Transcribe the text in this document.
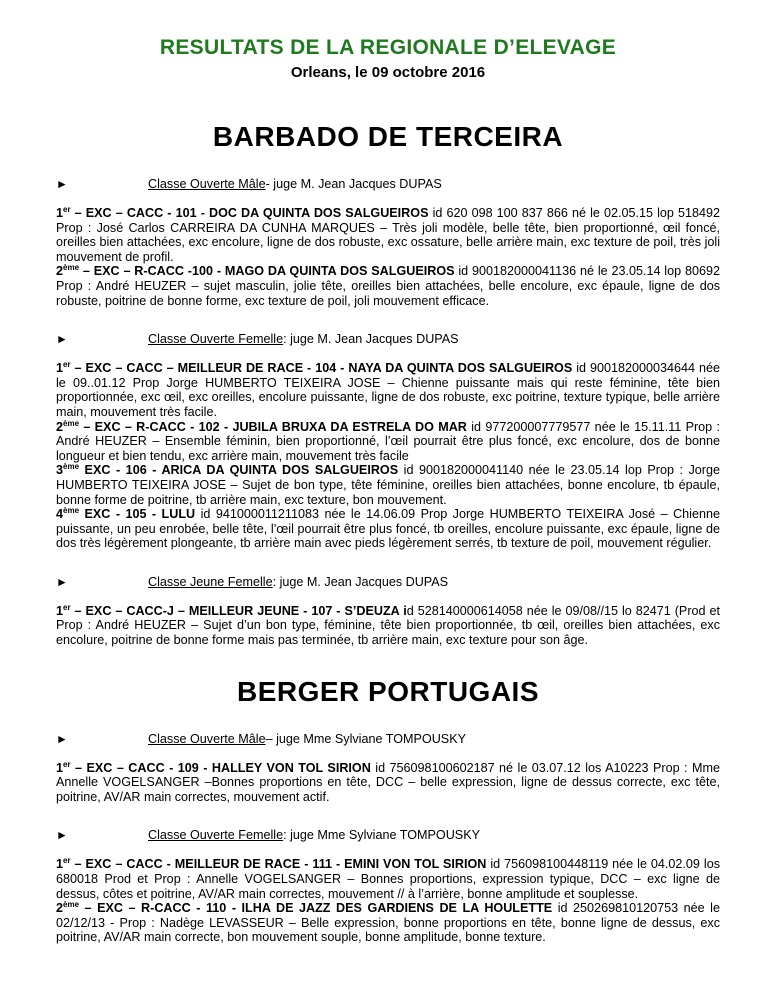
RESULTATS DE LA REGIONALE D’ELEVAGE
Orleans, le 09 octobre 2016
BARBADO DE TERCEIRA
►	Classe Ouverte Mâle - juge M. Jean Jacques DUPAS

1er – EXC – CACC - 101 - DOC DA QUINTA DOS SALGUEIROS id 620 098 100 837 866 né le 02.05.15 lop 518492 Prop : José Carlos CARREIRA DA CUNHA MARQUES – Très joli modèle, belle tête, bien proportionné, œil foncé, oreilles bien attachées, exc encolure, ligne de dos robuste, exc ossature, belle arrière main, exc texture de poil, très joli mouvement de profil.

2ème – EXC – R-CACC -100 - MAGO DA QUINTA DOS SALGUEIROS id 900182000041136 né le 23.05.14 lop 80692 Prop : André HEUZER – sujet masculin, jolie tête, oreilles bien attachées, belle encolure, exc épaule, ligne de dos robuste, poitrine de bonne forme, exc texture de poil, joli mouvement efficace.

►	Classe Ouverte Femelle : juge M. Jean Jacques DUPAS

1er – EXC – CACC – MEILLEUR DE RACE - 104 - NAYA DA QUINTA DOS SALGUEIROS id 900182000034644 née le 09..01.12 Prop Jorge HUMBERTO TEIXEIRA JOSE – Chienne puissante mais qui reste féminine, tête bien proportionnée, exc œil, exc oreilles, encolure puissante, ligne de dos robuste, exc poitrine, texture typique, belle arrière main, mouvement très facile.

2ème – EXC – R-CACC - 102 - JUBILA BRUXA DA ESTRELA DO MAR id 977200007779577 née le 15.11.11 Prop : André HEUZER – Ensemble féminin, bien proportionné, l’œil pourrait être plus foncé, exc encolure, dos de bonne longueur et bien tendu, exc arrière main, mouvement très facile

3ème EXC - 106 - ARICA DA QUINTA DOS SALGUEIROS id 900182000041140 née le 23.05.14 lop Prop : Jorge HUMBERTO TEIXEIRA JOSE – Sujet de bon type, tête féminine, oreilles bien attachées, bonne encolure, tb épaule, bonne forme de poitrine, tb arrière main, exc texture, bon mouvement.

4ème EXC - 105 - LULU id 941000011211083 née le 14.06.09 Prop Jorge HUMBERTO TEIXEIRA José – Chienne puissante, un peu enrobée, belle tête, l’œil pourrait être plus foncé, tb oreilles, encolure puissante, exc épaule, ligne de dos très légèrement plongeante, tb arrière main avec pieds légèrement serrés, tb texture de poil, mouvement régulier.

►	Classe Jeune Femelle : juge M. Jean Jacques DUPAS

1er – EXC – CACC-J – MEILLEUR JEUNE - 107 - S’DEUZA id 528140000614058 née le 09/08//15 lo 82471 (Prod et Prop : André HEUZER – Sujet d’un bon type, féminine, tête bien proportionnée, tb œil, oreilles bien attachées, exc encolure, poitrine de bonne forme mais pas terminée, tb arrière main, exc texture pour son âge.

BERGER PORTUGAIS
►	Classe Ouverte Mâle – juge Mme Sylviane TOMPOUSKY

1er – EXC – CACC - 109 - HALLEY VON TOL SIRION id 756098100602187 né le 03.07.12 los A10223 Prop : Mme Annelle VOGELSANGER –Bonnes proportions en tête, DCC – belle expression, ligne de dessus correcte, exc tête, poitrine, AV/AR main correctes, mouvement actif.

►	Classe Ouverte Femelle : juge Mme Sylviane TOMPOUSKY

1er – EXC – CACC - MEILLEUR DE RACE - 111 - EMINI VON TOL SIRION id 756098100448119 née le 04.02.09 los 680018 Prod et Prop : Annelle VOGELSANGER – Bonnes proportions, expression typique, DCC – exc ligne de dessus, côtes et poitrine, AV/AR main correctes, mouvement // à l’arrière, bonne amplitude et souplesse.

2ème – EXC – R-CACC - 110 - ILHA DE JAZZ DES GARDIENS DE LA HOULETTE id 250269810120753 née le 02/12/13 - Prop : Nadège LEVASSEUR – Belle expression, bonne proportions en tête, bonne ligne de dessus, exc poitrine, AV/AR main correcte, bon mouvement souple, bonne amplitude, bonne texture.
